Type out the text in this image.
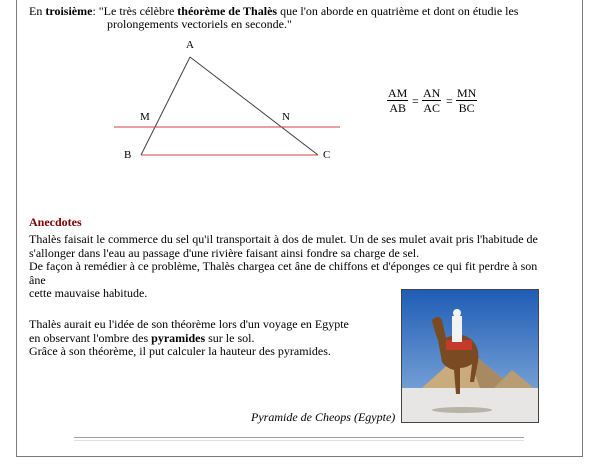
En troisième: "Le très célèbre théorème de Thalès que l'on aborde en quatrième et dont on étudie les
prolongements vectoriels en seconde."
A
B	C
M	N
$\frac{AM}{AB} = \frac{AN}{AC} = \frac{MN}{BC}$
Anecdotes
Thalès faisait le commerce du sel qu'il transportait à dos de mulet. Un de ses mulet avait pris l'habitude de
s'allonger dans l'eau au passage d'une rivière faisant ainsi fondre sa charge de sel.
De façon à remédier à ce problème, Thalès chargea cet âne de chiffons et d'éponges ce qui fit perdre à son âne
cette mauvaise habitude.
Thalès aurait eu l'idée de son théorème lors d'un voyage en Egypte
en observant l'ombre des pyramides sur le sol.
Grâce à son théorème, il put calculer la hauteur des pyramides.
Pyramide de Cheops (Egypte)
